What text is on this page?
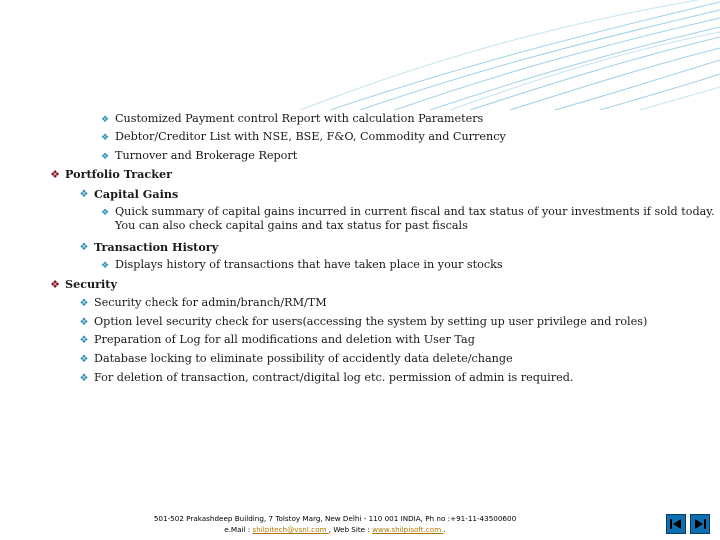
❖ Customized Payment control Report with calculation Parameters
❖ Debtor/Creditor List with NSE, BSE, F&O, Commodity and Currency
❖ Turnover and Brokerage Report
❖ Portfolio Tracker
❖ Capital Gains
❖ Quick summary of capital gains incurred in current fiscal and tax status of your investments if sold today. You can also check capital gains and tax status for past fiscals
❖ Transaction History
❖ Displays history of transactions that have taken place in your stocks
❖ Security
❖ Security check for admin/branch/RM/TM
❖ Option level security check for users(accessing the system by setting up user privilege and roles)
❖ Preparation of Log for all modifications and deletion with User Tag
❖ Database locking to eliminate possibility of accidently data delete/change
❖ For deletion of transaction, contract/digital log etc. permission of admin is required.
501-502 Prakashdeep Building, 7 Tolstoy Marg, New Delhi - 110 001 INDIA, Ph no :+91-11-43500600
e.Mail : shilpitech@vsnl.com , Web Site : www.shilpisoft.com .
